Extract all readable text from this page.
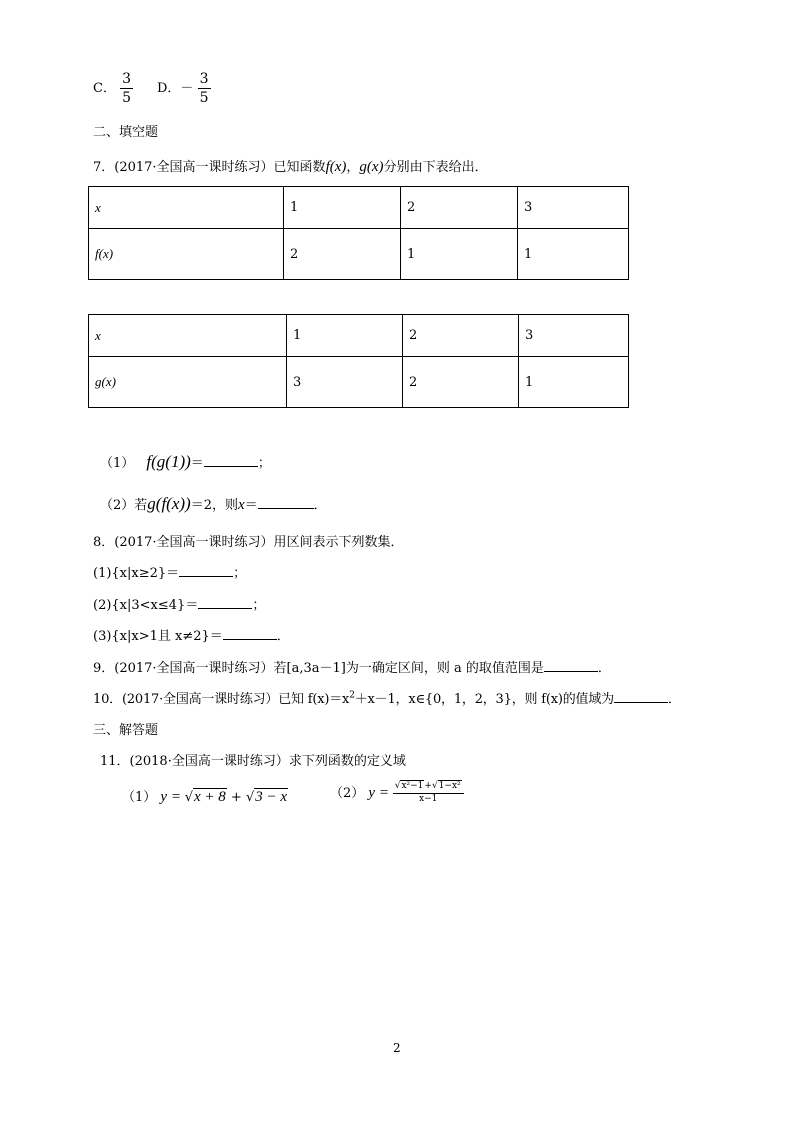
C． $\frac{3}{5}$ D．－ $\frac{3}{5}$
二、填空题
7．(2017·全国高一课时练习）已知函数f(x)，g(x)分别由下表给出．
x	1	2	3
f(x)	2	1	1
x	1	2	3
g(x)	3	2	1
（1） f(g(1))＝	；
（2）若g(f(x))＝2，则x＝	．
8．(2017·全国高一课时练习）用区间表示下列数集．
(1){x|x≥2}＝	；
(2){x|3<x≤4}＝	；
(3){x|x>1且 x≠2}＝	．
9．(2017·全国高一课时练习）若[a,3a－1]为一确定区间，则 a 的取值范围是	．
10．(2017·全国高一课时练习）已知 $f(x)=x^2+x-1$，x∈{0，1，2，3}，则 f(x)的值域为	．
三、解答题
11．(2018·全国高一课时练习）求下列函数的定义域
（1） y = √x + 8 + √3 − x	（2） $y = \frac{\text{√x²−1+√1−x²}}{x-1}$
2
